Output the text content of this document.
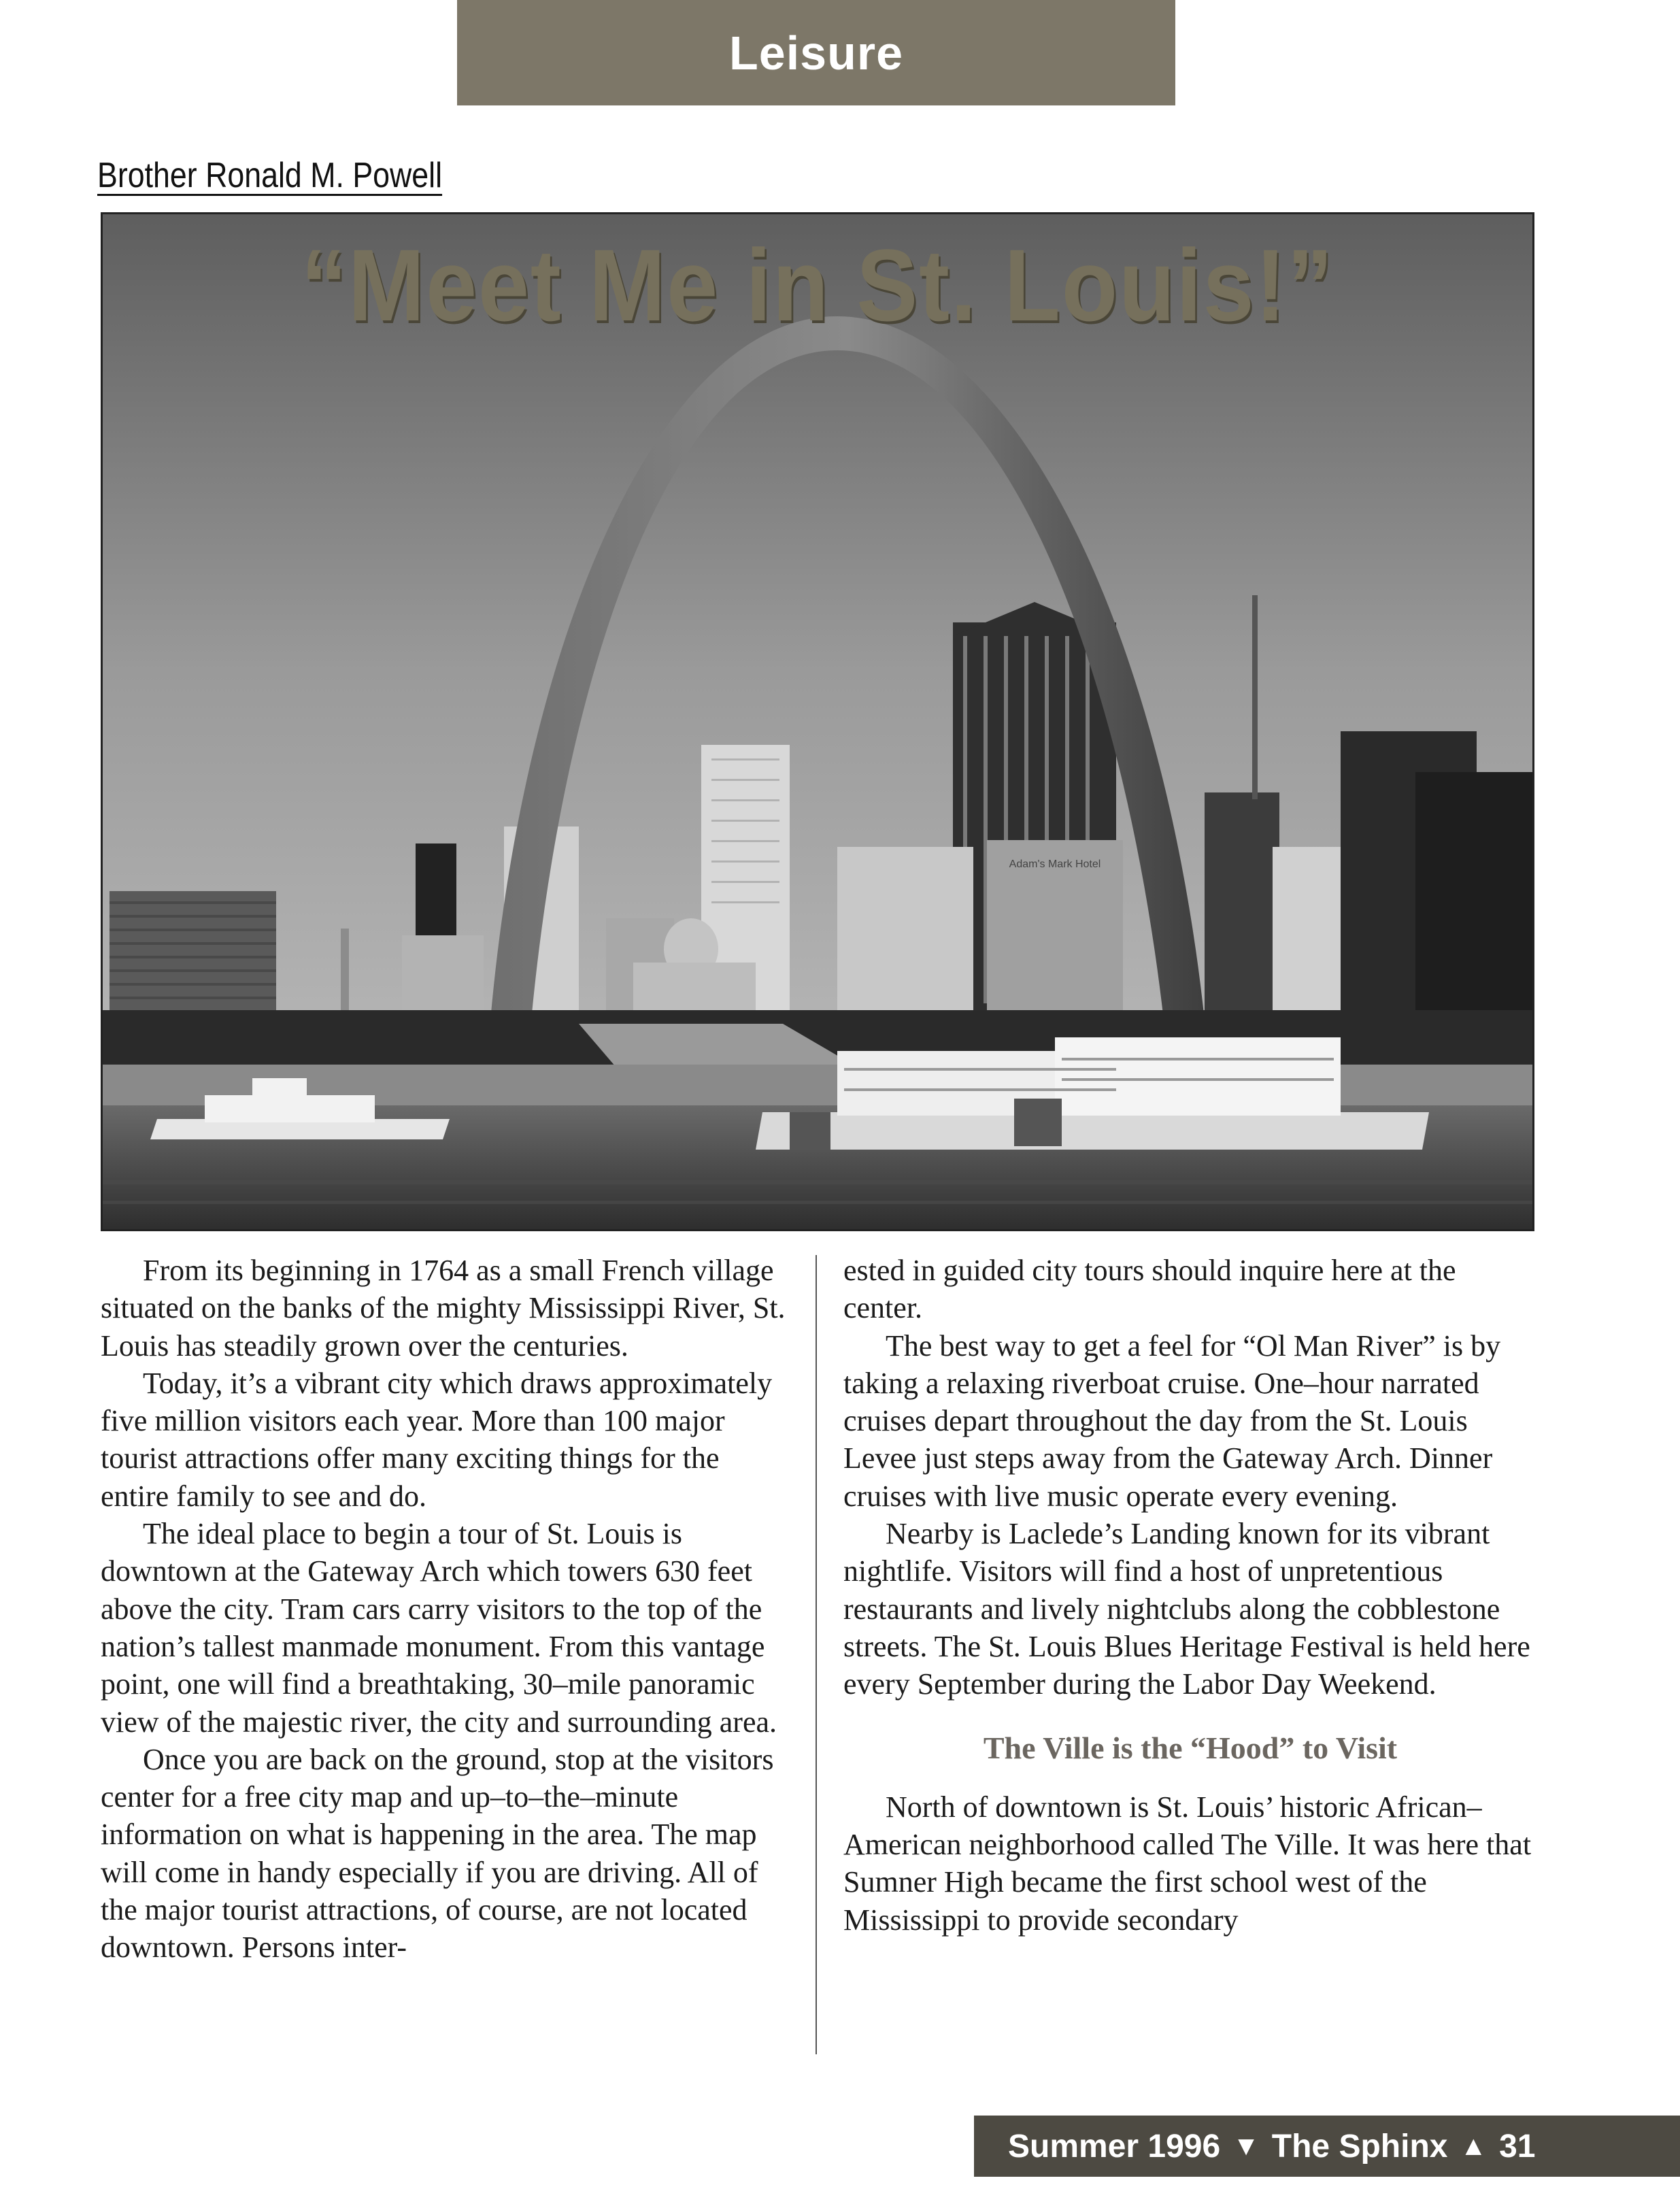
Leisure
Brother Ronald M. Powell
Adam's Mark Hotel
“Meet Me in St. Louis!”

From its beginning in 1764 as a small French village situated on the banks of the mighty Mississippi River, St. Louis has steadily grown over the centuries.

Today, it’s a vibrant city which draws approximately five million visitors each year. More than 100 major tourist attractions offer many exciting things for the entire family to see and do.

The ideal place to begin a tour of St. Louis is downtown at the Gateway Arch which towers 630 feet above the city. Tram cars carry visitors to the top of the nation’s tallest manmade monument. From this vantage point, one will find a breathtaking, 30–mile panoramic view of the majestic river, the city and surrounding area.

Once you are back on the ground, stop at the visitors center for a free city map and up–to–the–minute information on what is happening in the area. The map will come in handy especially if you are driving. All of the major tourist attractions, of course, are not located downtown. Persons inter-

ested in guided city tours should inquire here at the center.

The best way to get a feel for “Ol Man River” is by taking a relaxing riverboat cruise. One–hour narrated cruises depart throughout the day from the St. Louis Levee just steps away from the Gateway Arch. Dinner cruises with live music operate every evening.

Nearby is Laclede’s Landing known for its vibrant nightlife. Visitors will find a host of unpretentious restaurants and lively nightclubs along the cobblestone streets. The St. Louis Blues Heritage Festival is held here every September during the Labor Day Weekend.

The Ville is the “Hood” to Visit

North of downtown is St. Louis’ historic African–American neighborhood called The Ville. It was here that Sumner High became the first school west of the Mississippi to provide secondary

Summer 1996 ▼ The Sphinx ▲ 31
